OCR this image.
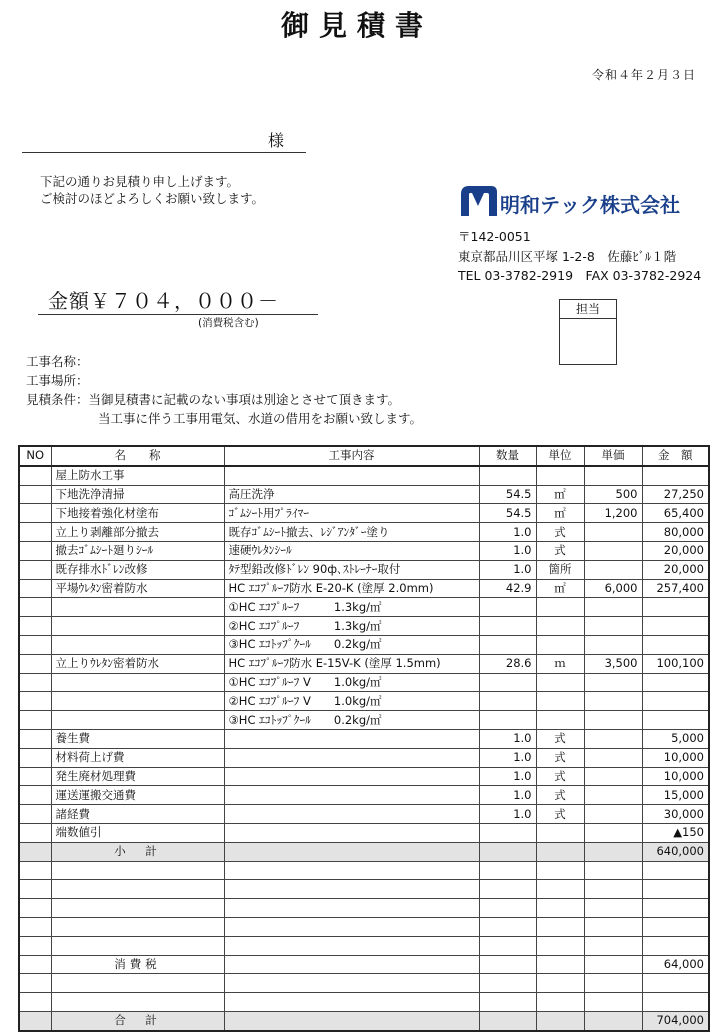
御見積書
令和４年２月３日
様
下記の通りお見積り申し上げます。
ご検討のほどよろしくお願い致します。	明和テック株式会社
〒142-0051
東京都品川区平塚 1-2-8　佐藤ﾋﾞﾙ１階
TEL 03-3782-2919　FAX 03-3782-2924
金額￥７０４，０００－
(消費税含む)
担当
工事名称：
工事場所：
見積条件：当御見積書に記載のない事項は別途とさせて頂きます。
当工事に伴う工事用電気、水道の借用をお願い致します。
NO	名　　称	工事内容	数量	単位	単価	金　額
	屋上防水工事					
	下地洗浄清掃	高圧洗浄	54.5	㎡	500	27,250
	下地接着強化材塗布	ｺﾞﾑｼｰﾄ用ﾌﾟﾗｲﾏｰ	54.5	㎡	1,200	65,400
	立上り剥離部分撤去	既存ｺﾞﾑｼｰﾄ撤去、ﾚｼﾞｱﾝﾀﾞｰ塗り	1.0	式		80,000
	撤去ｺﾞﾑｼｰﾄ廻りｼｰﾙ	速硬ｳﾚﾀﾝｼｰﾙ	1.0	式		20,000
	既存排水ﾄﾞﾚﾝ改修	ﾀﾃ型鉛改修ﾄﾞﾚﾝ 90ф､ｽﾄﾚｰﾅｰ取付	1.0	箇所		20,000
	平場ｳﾚﾀﾝ密着防水	HC ｴｺﾌﾟﾙｰﾌ防水 E-20-K (塗厚 2.0mm)	42.9	㎡	6,000	257,400
		①HC ｴｺﾌﾟﾙｰﾌ　　　1.3kg/㎡				
		②HC ｴｺﾌﾟﾙｰﾌ　　　1.3kg/㎡				
		③HC ｴｺﾄｯﾌﾟｸｰﾙ　　0.2kg/㎡				
	立上りｳﾚﾀﾝ密着防水	HC ｴｺﾌﾟﾙｰﾌ防水 E-15V-K (塗厚 1.5mm)	28.6	ｍ	3,500	100,100
		①HC ｴｺﾌﾟﾙｰﾌ V　　1.0kg/㎡				
		②HC ｴｺﾌﾟﾙｰﾌ V　　1.0kg/㎡				
		③HC ｴｺﾄｯﾌﾟｸｰﾙ　　0.2kg/㎡				
	養生費		1.0	式		5,000
	材料荷上げ費		1.0	式		10,000
	発生廃材処理費		1.0	式		10,000
	運送運搬交通費		1.0	式		15,000
	諸経費		1.0	式		30,000
	端数値引					▲150
	小　計					640,000

	消費税					64,000

	合　計					704,000
